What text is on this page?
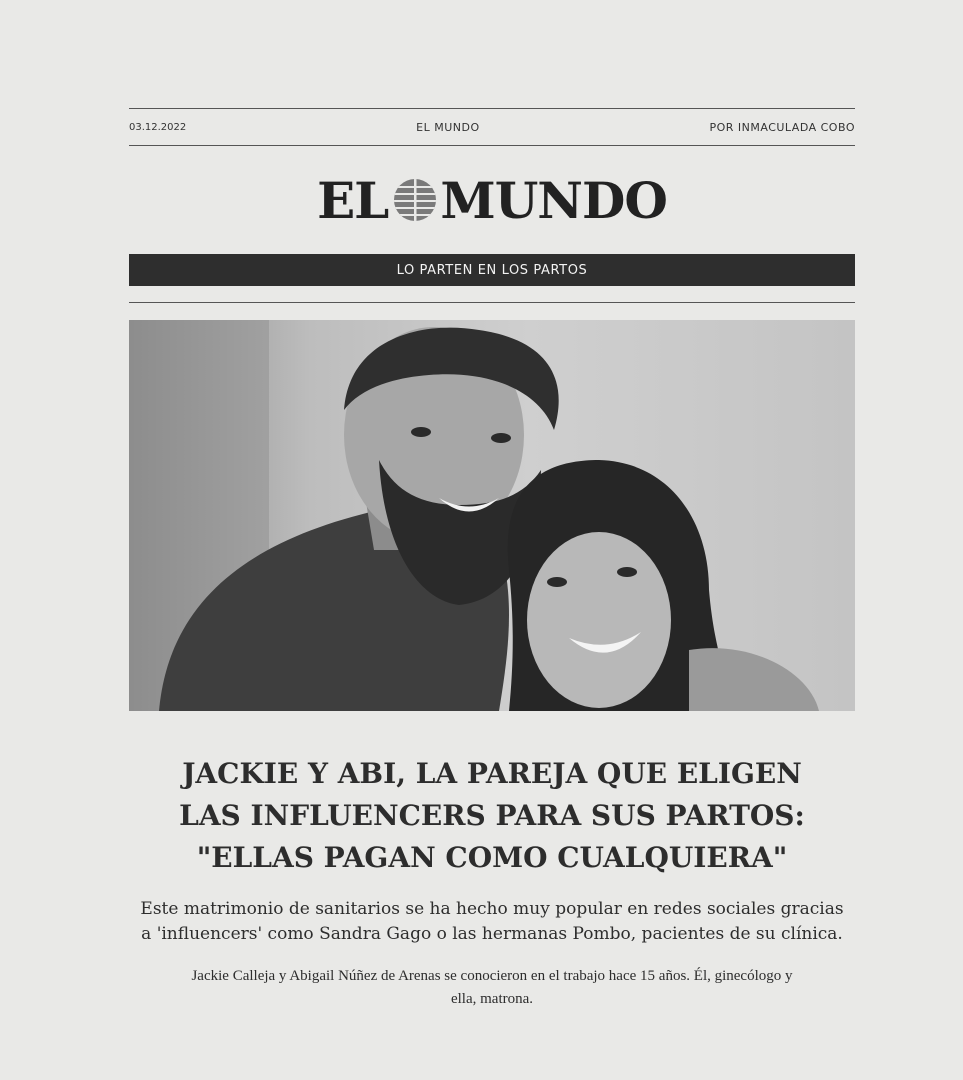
03.12.2022	EL MUNDO	POR INMACULADA COBO
EL MUNDO
LO PARTEN EN LOS PARTOS
JACKIE Y ABI, LA PAREJA QUE ELIGEN LAS INFLUENCERS PARA SUS PARTOS: "ELLAS PAGAN COMO CUALQUIERA"
Este matrimonio de sanitarios se ha hecho muy popular en redes sociales gracias a 'influencers' como Sandra Gago o las hermanas Pombo, pacientes de su clínica.
Jackie Calleja y Abigail Núñez de Arenas se conocieron en el trabajo hace 15 años. Él, ginecólogo y ella, matrona.
